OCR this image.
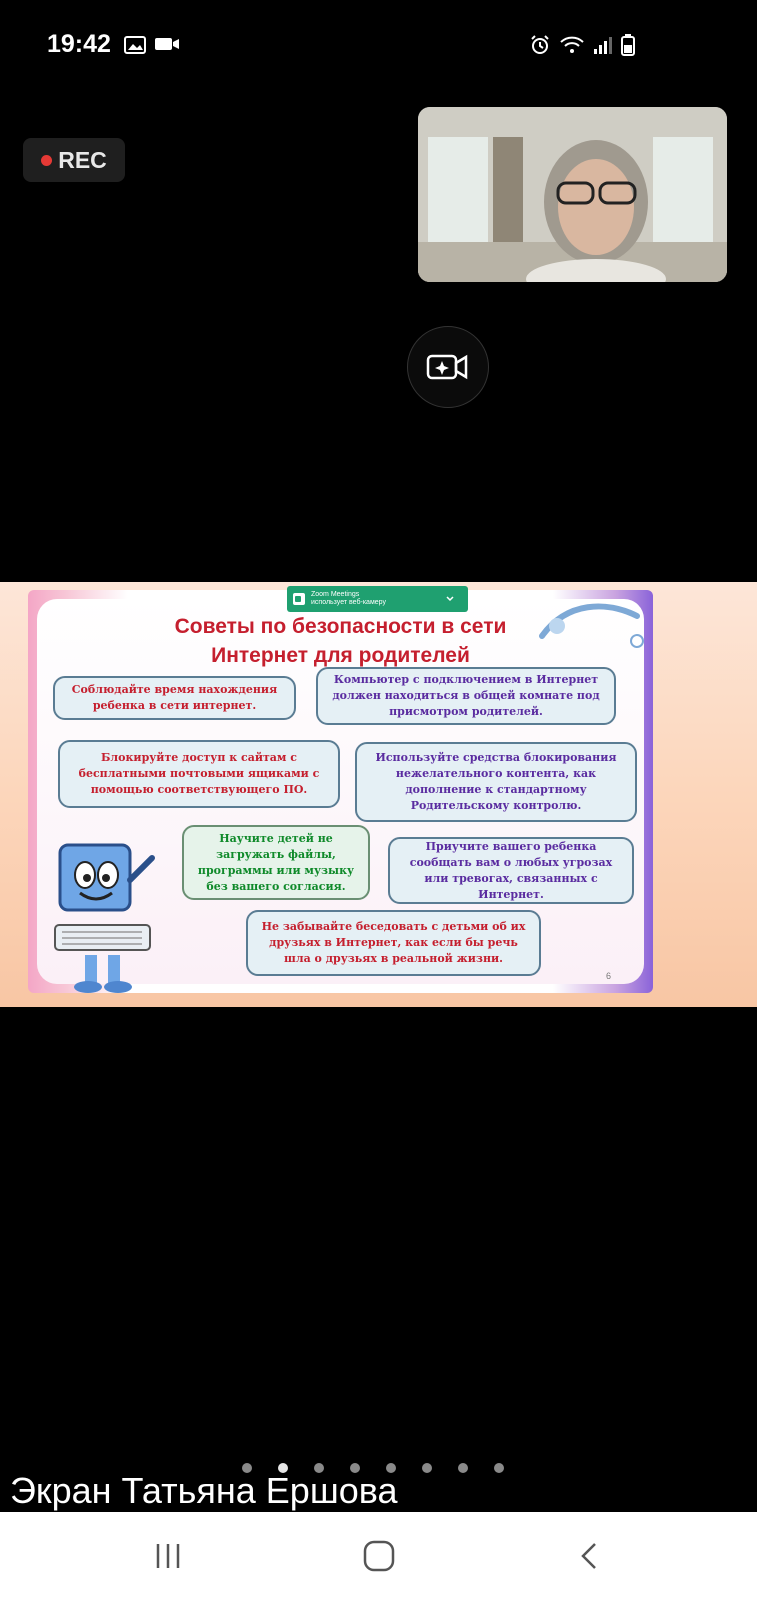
19:42
REC
Советы по безопасности в сети
Интернет для родителей
Соблюдайте время нахождения ребенка в сети интернет.
Компьютер с подключением в Интернет должен находиться в общей комнате под присмотром родителей.
Блокируйте доступ к сайтам с бесплатными почтовыми ящиками с помощью соответствующего ПО.
Используйте средства блокирования нежелательного контента, как дополнение к стандартному Родительскому контролю.
Научите детей не загружать файлы, программы или музыку без вашего согласия.
Приучите вашего ребенка сообщать вам о любых угрозах или тревогах, связанных с Интернет.
Не забывайте беседовать с детьми об их друзьях в Интернет, как если бы речь шла о друзьях в реальной жизни.
6
Zoom Meetings
использует веб-камеру
Экран Татьяна Ершова
